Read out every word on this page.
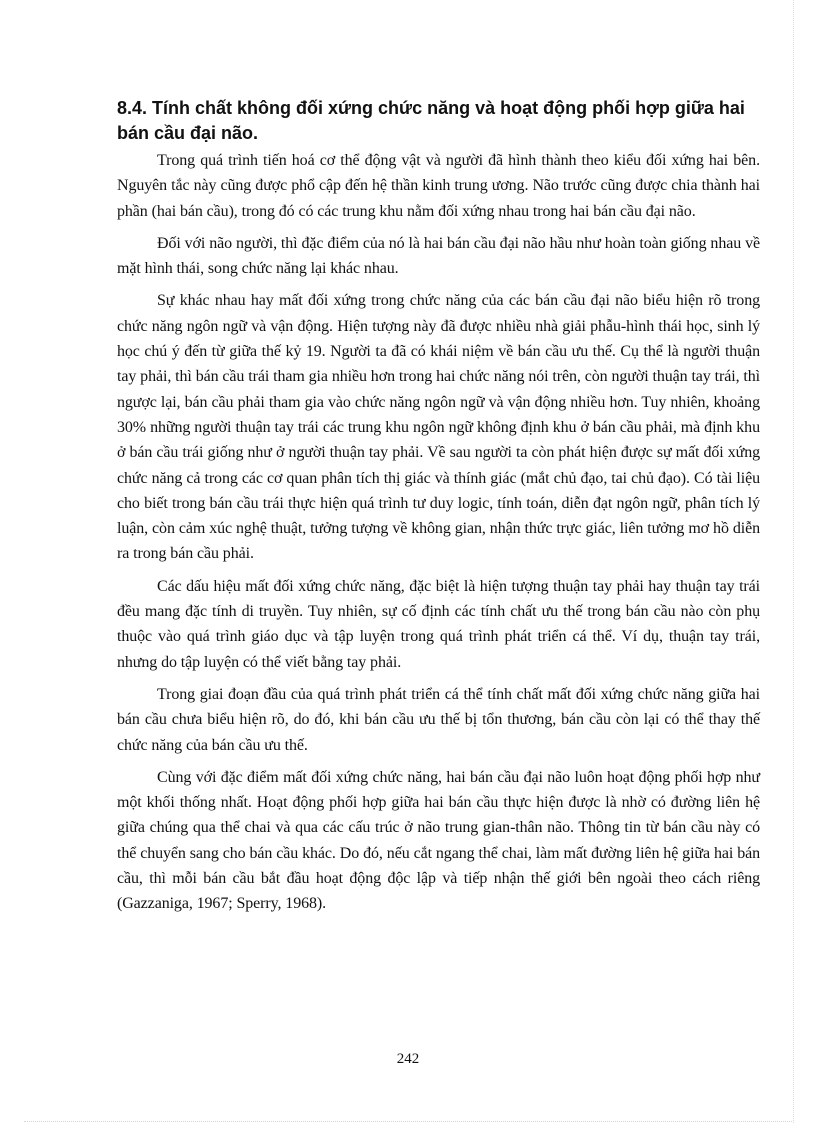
8.4. Tính chất không đối xứng chức năng và hoạt động phối hợp giữa hai bán cầu đại não.

Trong quá trình tiến hoá cơ thể động vật và người đã hình thành theo kiểu đối xứng hai bên. Nguyên tắc này cũng được phổ cập đến hệ thần kinh trung ương. Não trước cũng được chia thành hai phần (hai bán cầu), trong đó có các trung khu nằm đối xứng nhau trong hai bán cầu đại não.

Đối với não người, thì đặc điểm của nó là hai bán cầu đại não hầu như hoàn toàn giống nhau về mặt hình thái, song chức năng lại khác nhau.

Sự khác nhau hay mất đối xứng trong chức năng của các bán cầu đại não biểu hiện rõ trong chức năng ngôn ngữ và vận động. Hiện tượng này đã được nhiều nhà giải phẫu-hình thái học, sinh lý học chú ý đến từ giữa thế kỷ 19. Người ta đã có khái niệm về bán cầu ưu thế. Cụ thể là người thuận tay phải, thì bán cầu trái tham gia nhiều hơn trong hai chức năng nói trên, còn người thuận tay trái, thì ngược lại, bán cầu phải tham gia vào chức năng ngôn ngữ và vận động nhiều hơn. Tuy nhiên, khoảng 30% những người thuận tay trái các trung khu ngôn ngữ không định khu ở bán cầu phải, mà định khu ở bán cầu trái giống như ở người thuận tay phải. Về sau người ta còn phát hiện được sự mất đối xứng chức năng cả trong các cơ quan phân tích thị giác và thính giác (mắt chủ đạo, tai chủ đạo). Có tài liệu cho biết trong bán cầu trái thực hiện quá trình tư duy logic, tính toán, diễn đạt ngôn ngữ, phân tích lý luận, còn cảm xúc nghệ thuật, tưởng tượng về không gian, nhận thức trực giác, liên tưởng mơ hồ diễn ra trong bán cầu phải.

Các dấu hiệu mất đối xứng chức năng, đặc biệt là hiện tượng thuận tay phải hay thuận tay trái đều mang đặc tính di truyền. Tuy nhiên, sự cố định các tính chất ưu thế trong bán cầu nào còn phụ thuộc vào quá trình giáo dục và tập luyện trong quá trình phát triển cá thể. Ví dụ, thuận tay trái, nhưng do tập luyện có thể viết bằng tay phải.

Trong giai đoạn đầu của quá trình phát triển cá thể tính chất mất đối xứng chức năng giữa hai bán cầu chưa biểu hiện rõ, do đó, khi bán cầu ưu thế bị tổn thương, bán cầu còn lại có thể thay thế chức năng của bán cầu ưu thế.

Cùng với đặc điểm mất đối xứng chức năng, hai bán cầu đại não luôn hoạt động phối hợp như một khối thống nhất. Hoạt động phối hợp giữa hai bán cầu thực hiện được là nhờ có đường liên hệ giữa chúng qua thể chai và qua các cấu trúc ở não trung gian-thân não. Thông tin từ bán cầu này có thể chuyển sang cho bán cầu khác. Do đó, nếu cắt ngang thể chai, làm mất đường liên hệ giữa hai bán cầu, thì mỗi bán cầu bắt đầu hoạt động độc lập và tiếp nhận thế giới bên ngoài theo cách riêng (Gazzaniga, 1967; Sperry, 1968).

242
